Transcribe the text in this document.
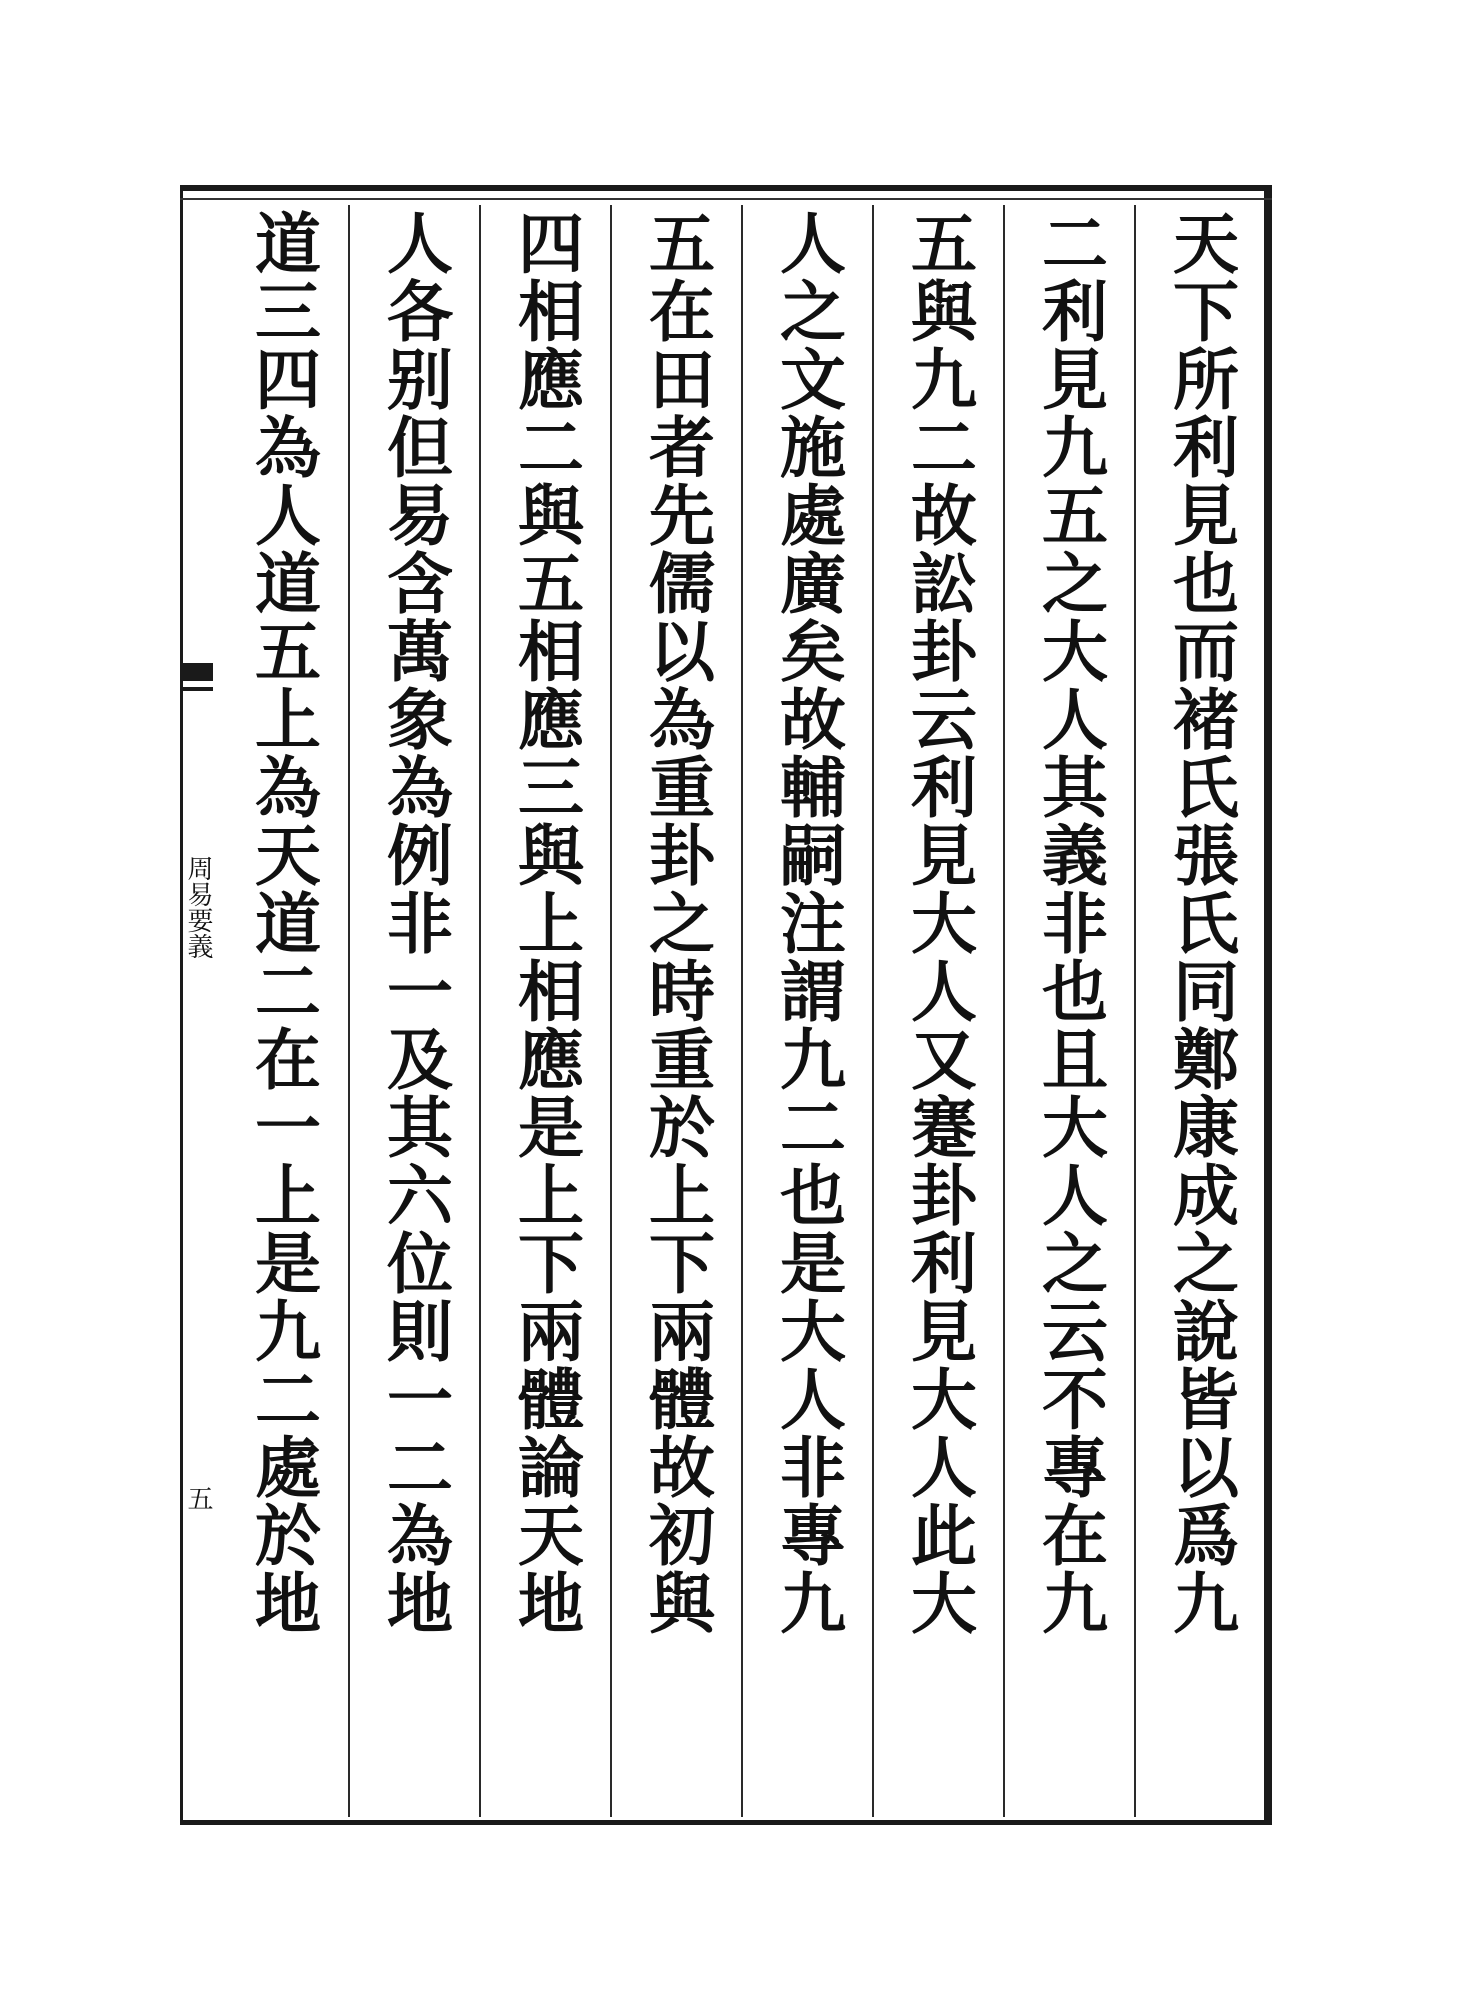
周易要義
五	天下所利見也而褚氏張氏同鄭康成之說皆以爲九
二利見九五之大人其義非也且大人之云不專在九
五與九二故訟卦云利見大人又蹇卦利見大人此大
人之文施處廣矣故輔嗣注謂九二也是大人非專九
五在田者先儒以為重卦之時重於上下兩體故初與
四相應二與五相應三與上相應是上下兩體論天地
人各别但易含萬象為例非一及其六位則一二為地
道三四為人道五上為天道二在一上是九二處於地
